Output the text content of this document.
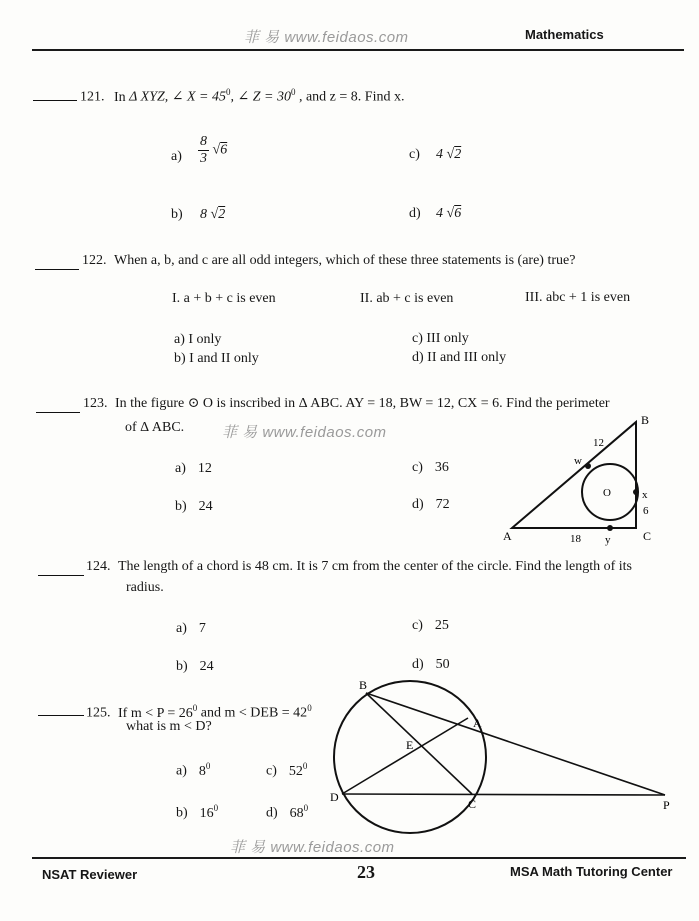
菲 易 www.feidaos.com	Mathematics
121. In Δ XYZ, ∠ $X = 45^0$, ∠ $Z = 30^0$ , and z = 8. Find x.
$a) \frac{8}{3} √6$
b) 8 √2
c) 4 √2
d) 4 √6
122. When a, b, and c are all odd integers, which of these three statements is (are) true?
I. a + b + c is even	II. ab + c is even	III. abc + 1 is even
a) I only
b) I and II only
c) III only
d) II and III only
123. In the figure ⊙ O is inscribed in Δ ABC. AY = 18, BW = 12, CX = 6. Find the perimeter
of Δ ABC.	菲 易 www.feidaos.com
a) 12
b) 24
c) 36
d) 72
B
A	C
w
x
y
O
12
6
18
124. The length of a chord is 48 cm. It is 7 cm from the center of the circle. Find the length of its
radius.
a) 7
b) 24
c) 25
d) 50
125. If $m < P = 26^0$ and m < DEB = $42^0$
what is m < D?
a) $8^0$
b) $16^0$
c) $52^0$
d) $68^0$
B
A
E
D	C	P
菲 易 www.feidaos.com
NSAT Reviewer	23	MSA Math Tutoring Center
